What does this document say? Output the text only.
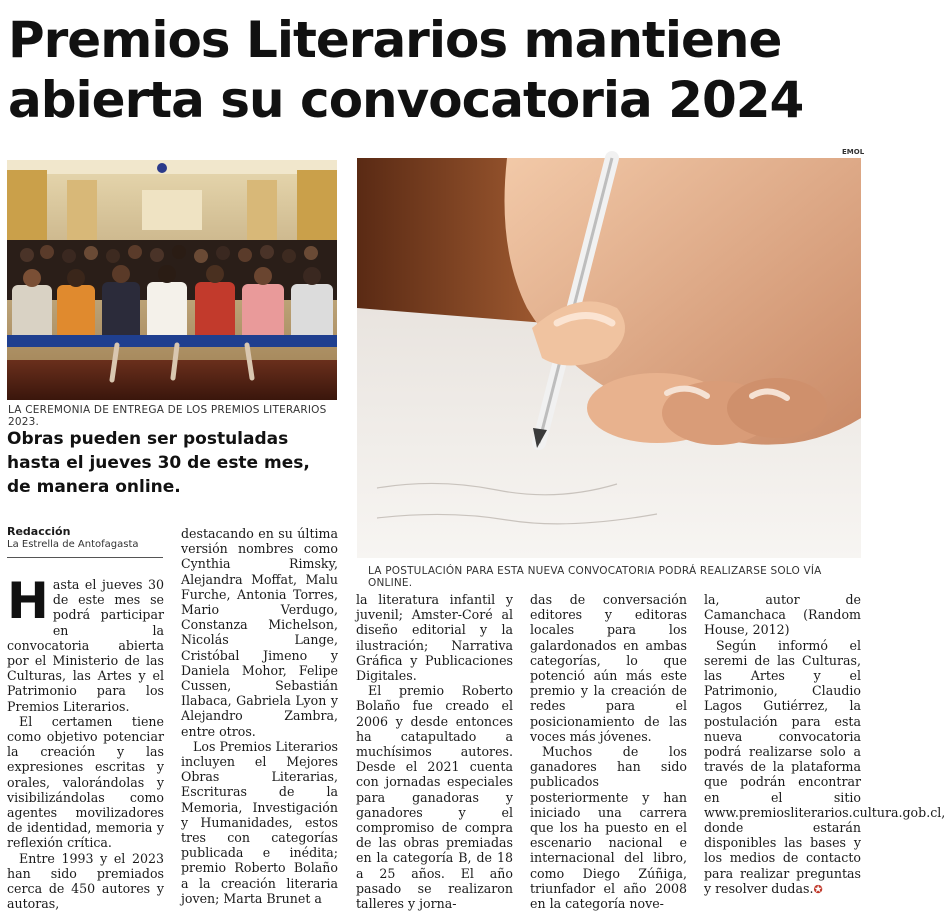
Premios Literarios mantiene abierta su convocatoria 2024
LA CEREMONIA DE ENTREGA DE LOS PREMIOS LITERARIOS 2023.
EMOL
LA POSTULACIÓN PARA ESTA NUEVA CONVOCATORIA PODRÁ REALIZARSE SOLO VÍA ONLINE.
Obras pueden ser postuladas hasta el jueves 30 de este mes, de manera online.
Redacción
La Estrella de Antofagasta

Hasta el jueves 30 de este mes se podrá participar en la convocatoria abierta por el Ministerio de las Culturas, las Artes y el Patrimonio para los Premios Literarios.

El certamen tiene como objetivo potenciar la creación y las expresiones escritas y orales, valorándolas y visibilizándolas como agentes movilizadores de identidad, memoria y reflexión crítica.

Entre 1993 y el 2023 han sido premiados cerca de 450 autores y autoras,

destacando en su última versión nombres como Cynthia Rimsky, Alejandra Moffat, Malu Furche, Antonia Torres, Mario Verdugo, Constanza Michelson, Nicolás Lange, Cristóbal Jimeno y Daniela Mohor, Felipe Cussen, Sebastián Ilabaca, Gabriela Lyon y Alejandro Zambra, entre otros.

Los Premios Literarios incluyen el Mejores Obras Literarias, Escrituras de la Memoria, Investigación y Humanidades, estos tres con categorías publicada e inédita; premio Roberto Bolaño a la creación literaria joven; Marta Brunet a

la literatura infantil y juvenil; Amster-Coré al diseño editorial y la ilustración; Narrativa Gráfica y Publicaciones Digitales.

El premio Roberto Bolaño fue creado el 2006 y desde entonces ha catapultado a muchísimos autores. Desde el 2021 cuenta con jornadas especiales para ganadoras y ganadores y el compromiso de compra de las obras premiadas en la categoría B, de 18 a 25 años. El año pasado se realizaron talleres y jorna-

das de conversación editores y editoras locales para los galardonados en ambas categorías, lo que potenció aún más este premio y la creación de redes para el posicionamiento de las voces más jóvenes.

Muchos de los ganadores han sido publicados posteriormente y han iniciado una carrera que los ha puesto en el escenario nacional e internacional del libro, como Diego Zúñiga, triunfador el año 2008 en la categoría nove-

la, autor de Camanchaca (Random House, 2012)

Según informó el seremi de las Culturas, las Artes y el Patrimonio, Claudio Lagos Gutiérrez, la postulación para esta nueva convocatoria podrá realizarse solo a través de la plataforma que podrán encontrar en el sitio www.premiosliterarios.cultura.gob.cl, donde estarán disponibles las bases y los medios de contacto para realizar preguntas y resolver dudas.✪
